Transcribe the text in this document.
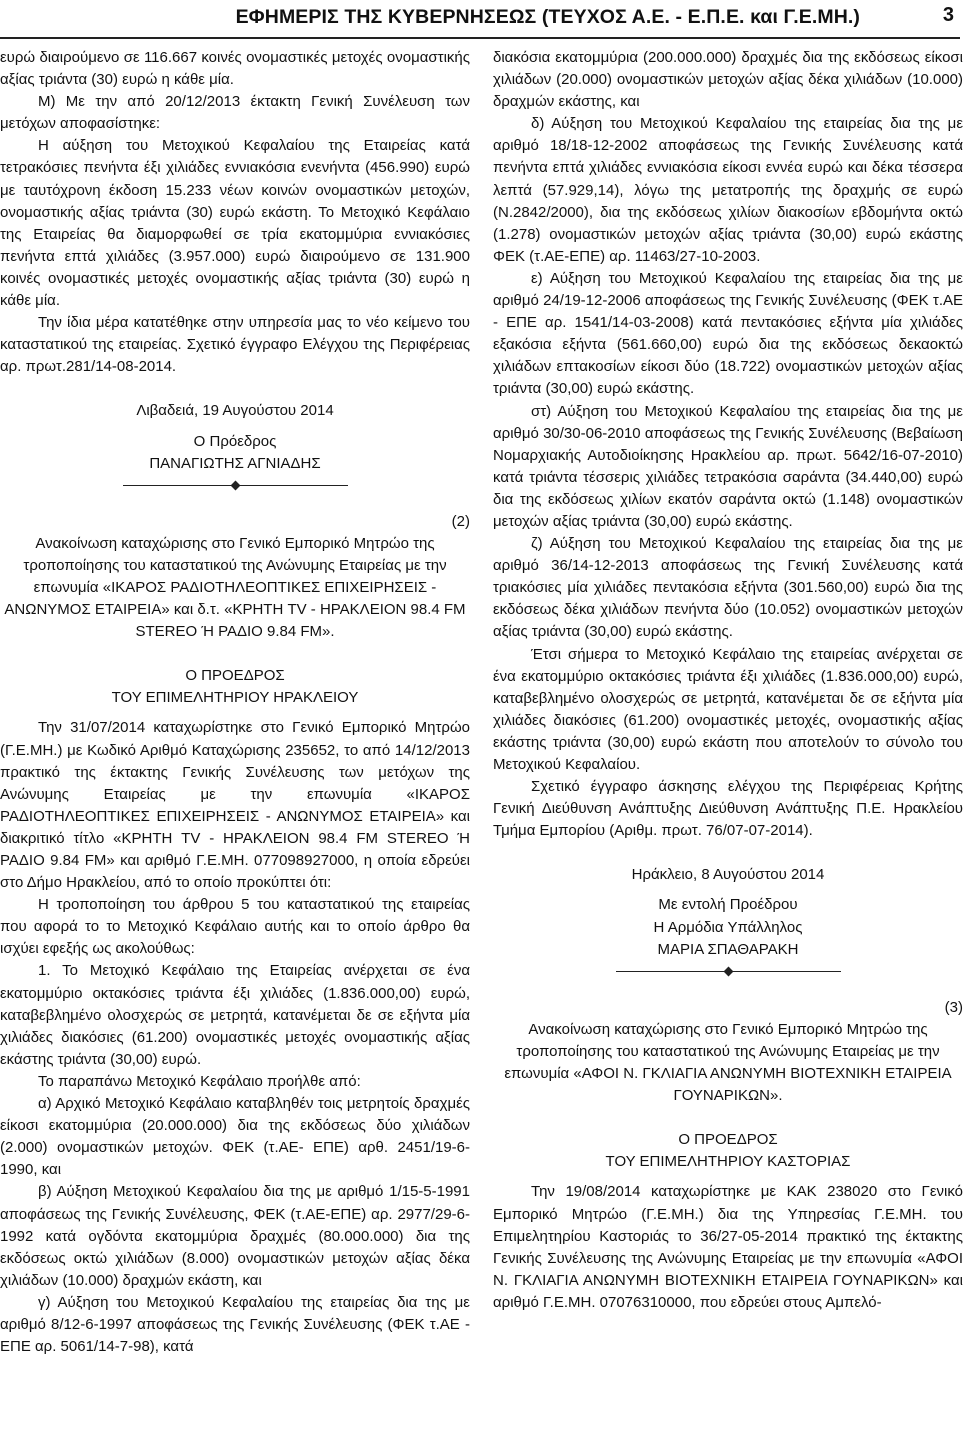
ΕΦΗΜΕΡΙΣ ΤΗΣ ΚΥΒΕΡΝΗΣΕΩΣ (ΤΕΥΧΟΣ Α.Ε. - Ε.Π.Ε. και Γ.Ε.ΜΗ.)	3

ευρώ διαιρούμενο σε 116.667 κοινές ονομαστικές μετοχές ονομαστικής αξίας τριάντα (30) ευρώ η κάθε μία.

Μ) Με την από 20/12/2013 έκτακτη Γενική Συνέλευση των μετόχων αποφασίστηκε:

Η αύξηση του Μετοχικού Κεφαλαίου της Εταιρείας κατά τετρακόσιες πενήντα έξι χιλιάδες εννιακόσια ενενήντα (456.990) ευρώ με ταυτόχρονη έκδοση 15.233 νέων κοινών ονομαστικών μετοχών, ονομαστικής αξίας τριάντα (30) ευρώ εκάστη. Το Μετοχικό Κεφάλαιο της Εταιρείας θα διαμορφωθεί σε τρία εκατομμύρια εννιακόσιες πενήντα επτά χιλιάδες (3.957.000) ευρώ διαιρούμενο σε 131.900 κοινές ονομαστικές μετοχές ονομαστικής αξίας τριάντα (30) ευρώ η κάθε μία.

Την ίδια μέρα κατατέθηκε στην υπηρεσία μας το νέο κείμενο του καταστατικού της εταιρείας. Σχετικό έγγραφο Ελέγχου της Περιφέρειας αρ. πρωτ.281/14-08-2014.

Λιβαδειά, 19 Αυγούστου 2014

Ο Πρόεδρος

ΠΑΝΑΓΙΩΤΗΣ ΑΓΝΙΑΔΗΣ

(2)

Ανακοίνωση καταχώρισης στο Γενικό Εμπορικό Μητρώο της τροποποίησης του καταστατικού της Ανώνυμης Εταιρείας με την επωνυμία «ΙΚΑΡΟΣ ΡΑΔΙΟΤΗΛΕΟΠΤΙΚΕΣ ΕΠΙΧΕΙΡΗΣΕΙΣ - ΑΝΩΝΥΜΟΣ ΕΤΑΙΡΕΙΑ» και δ.τ. «ΚΡΗΤΗ TV - ΗΡΑΚΛΕΙΟΝ 98.4 FM STEREO Ή ΡΑΔΙΟ 9.84 FM».

Ο ΠΡΟΕΔΡΟΣ

ΤΟΥ ΕΠΙΜΕΛΗΤΗΡΙΟΥ ΗΡΑΚΛΕΙΟΥ

Την 31/07/2014 καταχωρίστηκε στο Γενικό Εμπορικό Μητρώο (Γ.Ε.ΜΗ.) με Κωδικό Αριθμό Καταχώρισης 235652, το από 14/12/2013 πρακτικό της έκτακτης Γενικής Συνέλευσης των μετόχων της Ανώνυμης Εταιρείας με την επωνυμία «ΙΚΑΡΟΣ ΡΑΔΙΟΤΗΛΕΟΠΤΙΚΕΣ ΕΠΙΧΕΙΡΗΣΕΙΣ - ΑΝΩΝΥΜΟΣ ΕΤΑΙΡΕΙΑ» και διακριτικό τίτλο «ΚΡΗΤΗ TV - ΗΡΑΚΛΕΙΟΝ 98.4 FM STEREO Ή ΡΑΔΙΟ 9.84 FM» και αριθμό Γ.Ε.ΜΗ. 077098927000, η οποία εδρεύει στο Δήμο Ηρακλείου, από το οποίο προκύπτει ότι:

Η τροποποίηση του άρθρου 5 του καταστατικού της εταιρείας που αφορά το το Μετοχικό Κεφάλαιο αυτής και το οποίο άρθρο θα ισχύει εφεξής ως ακολούθως:

1. Το Μετοχικό Κεφάλαιο της Εταιρείας ανέρχεται σε ένα εκατομμύριο οκτακόσιες τριάντα έξι χιλιάδες (1.836.000,00) ευρώ, καταβεβλημένο ολοσχερώς σε μετρητά, κατανέμεται δε σε εξήντα μία χιλιάδες διακόσιες (61.200) ονομαστικές μετοχές ονομαστικής αξίας εκάστης τριάντα (30,00) ευρώ.

Το παραπάνω Μετοχικό Κεφάλαιο προήλθε από:

α) Αρχικό Μετοχικό Κεφάλαιο καταβληθέν τοις μετρητοίς δραχμές είκοσι εκατομμύρια (20.000.000) δια της εκδόσεως δύο χιλιάδων (2.000) ονομαστικών μετοχών. ΦΕΚ (τ.ΑΕ- ΕΠΕ) αρθ. 2451/19-6-1990, και

β) Αύξηση Μετοχικού Κεφαλαίου δια της με αριθμό 1/15-5-1991 αποφάσεως της Γενικής Συνέλευσης, ΦΕΚ (τ.ΑΕ-ΕΠΕ) αρ. 2977/29-6-1992 κατά ογδόντα εκατομμύρια δραχμές (80.000.000) δια της εκδόσεως οκτώ χιλιάδων (8.000) ονομαστικών μετοχών αξίας δέκα χιλιάδων (10.000) δραχμών εκάστη, και

γ) Αύξηση του Μετοχικού Κεφαλαίου της εταιρείας δια της με αριθμό 8/12-6-1997 αποφάσεως της Γενικής Συνέλευσης (ΦΕΚ τ.ΑΕ - ΕΠΕ αρ. 5061/14-7-98), κατά

διακόσια εκατομμύρια (200.000.000) δραχμές δια της εκδόσεως είκοσι χιλιάδων (20.000) ονομαστικών μετοχών αξίας δέκα χιλιάδων (10.000) δραχμών εκάστης, και

δ) Αύξηση του Μετοχικού Κεφαλαίου της εταιρείας δια της με αριθμό 18/18-12-2002 αποφάσεως της Γενικής Συνέλευσης κατά πενήντα επτά χιλιάδες εννιακόσια είκοσι εννέα ευρώ και δέκα τέσσερα λεπτά (57.929,14), λόγω της μετατροπής της δραχμής σε ευρώ (Ν.2842/2000), δια της εκδόσεως χιλίων διακοσίων εβδομήντα οκτώ (1.278) ονομαστικών μετοχών αξίας τριάντα (30,00) ευρώ εκάστης ΦΕΚ (τ.ΑΕ-ΕΠΕ) αρ. 11463/27-10-2003.

ε) Αύξηση του Μετοχικού Κεφαλαίου της εταιρείας δια της με αριθμό 24/19-12-2006 αποφάσεως της Γενικής Συνέλευσης (ΦΕΚ τ.ΑΕ - ΕΠΕ αρ. 1541/14-03-2008) κατά πεντακόσιες εξήντα μία χιλιάδες εξακόσια εξήντα (561.660,00) ευρώ δια της εκδόσεως δεκαοκτώ χιλιάδων επτακοσίων είκοσι δύο (18.722) ονομαστικών μετοχών αξίας τριάντα (30,00) ευρώ εκάστης.

στ) Αύξηση του Μετοχικού Κεφαλαίου της εταιρείας δια της με αριθμό 30/30-06-2010 αποφάσεως της Γενικής Συνέλευσης (Βεβαίωση Νομαρχιακής Αυτοδιοίκησης Ηρακλείου αρ. πρωτ. 5642/16-07-2010) κατά τριάντα τέσσερις χιλιάδες τετρακόσια σαράντα (34.440,00) ευρώ δια της εκδόσεως χιλίων εκατόν σαράντα οκτώ (1.148) ονομαστικών μετοχών αξίας τριάντα (30,00) ευρώ εκάστης.

ζ) Αύξηση του Μετοχικού Κεφαλαίου της εταιρείας δια της με αριθμό 36/14-12-2013 αποφάσεως της Γενική Συνέλευσης κατά τριακόσιες μία χιλιάδες πεντακόσια εξήντα (301.560,00) ευρώ δια της εκδόσεως δέκα χιλιάδων πενήντα δύο (10.052) ονομαστικών μετοχών αξίας τριάντα (30,00) ευρώ εκάστης.

Έτσι σήμερα το Μετοχικό Κεφάλαιο της εταιρείας ανέρχεται σε ένα εκατομμύριο οκτακόσιες τριάντα έξι χιλιάδες (1.836.000,00) ευρώ, καταβεβλημένο ολοσχερώς σε μετρητά, κατανέμεται δε σε εξήντα μία χιλιάδες διακόσιες (61.200) ονομαστικές μετοχές, ονομαστικής αξίας εκάστης τριάντα (30,00) ευρώ εκάστη που αποτελούν το σύνολο του Μετοχικού Κεφαλαίου.

Σχετικό έγγραφο άσκησης ελέγχου της Περιφέρειας Κρήτης Γενική Διεύθυνση Ανάπτυξης Διεύθυνση Ανάπτυξης Π.Ε. Ηρακλείου Τμήμα Εμπορίου (Αριθμ. πρωτ. 76/07-07-2014).

Ηράκλειο, 8 Αυγούστου 2014

Με εντολή Προέδρου

Η Αρμόδια Υπάλληλος

ΜΑΡΙΑ ΣΠΑΘΑΡΑΚΗ

(3)

Ανακοίνωση καταχώρισης στο Γενικό Εμπορικό Μητρώο της τροποποίησης του καταστατικού της Ανώνυμης Εταιρείας με την επωνυμία «ΑΦΟΙ Ν. ΓΚΛΙΑΓΙΑ ΑΝΩΝΥΜΗ ΒΙΟΤΕΧΝΙΚΗ ΕΤΑΙΡΕΙΑ ΓΟΥΝΑΡΙΚΩΝ».

Ο ΠΡΟΕΔΡΟΣ

ΤΟΥ ΕΠΙΜΕΛΗΤΗΡΙΟΥ ΚΑΣΤΟΡΙΑΣ

Την 19/08/2014 καταχωρίστηκε με ΚΑΚ 238020 στο Γενικό Εμπορικό Μητρώο (Γ.Ε.ΜΗ.) δια της Υπηρεσίας Γ.Ε.ΜΗ. του Επιμελητηρίου Καστοριάς το 36/27-05-2014 πρακτικό της έκτακτης Γενικής Συνέλευσης της Ανώνυμης Εταιρείας με την επωνυμία «ΑΦΟΙ Ν. ΓΚΛΙΑΓΙΑ ΑΝΩΝΥΜΗ ΒΙΟΤΕΧΝΙΚΗ ΕΤΑΙΡΕΙΑ ΓΟΥΝΑΡΙΚΩΝ» και αριθμό Γ.Ε.ΜΗ. 07076310000, που εδρεύει στους Αμπελό-
